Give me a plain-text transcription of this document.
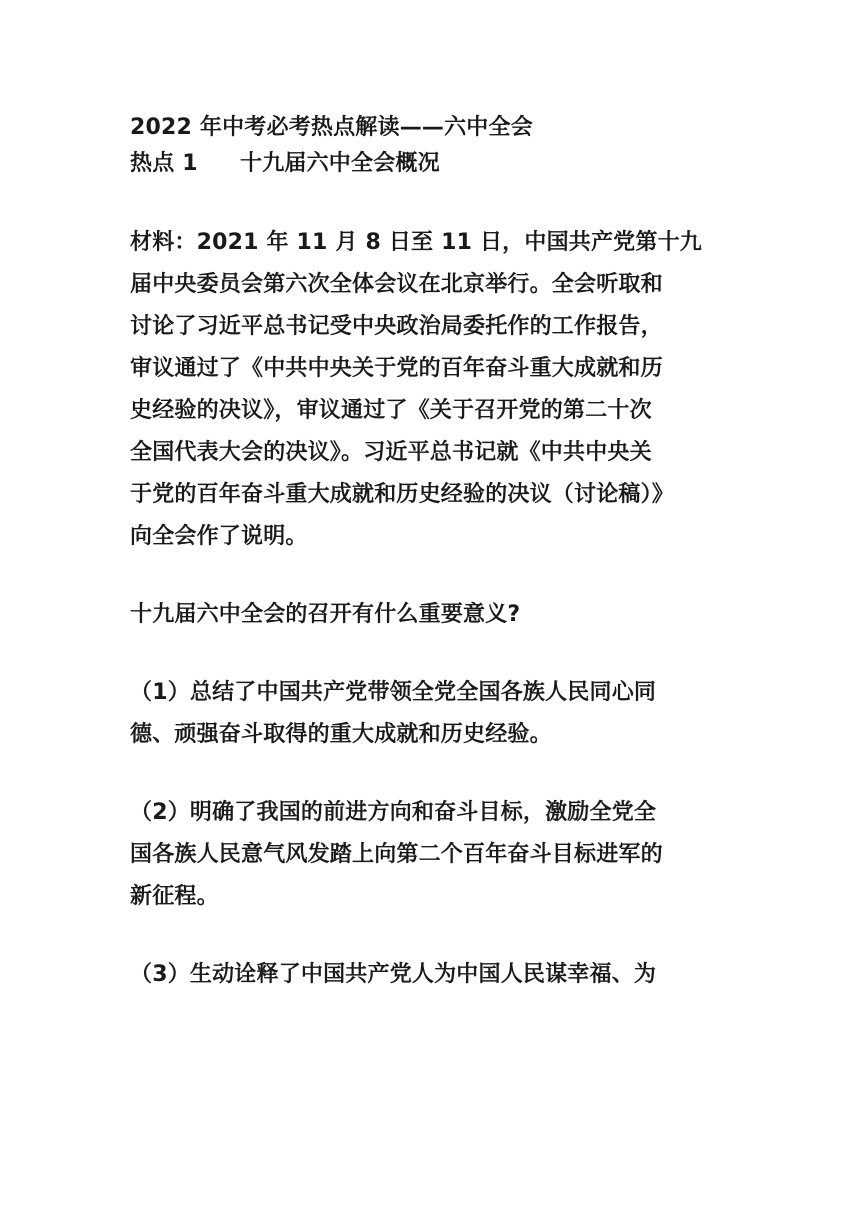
2022 年中考必考热点解读——六中全会
热点 1 十九届六中全会概况
材料：2021 年 11 月 8 日至 11 日，中国共产党第十九
届中央委员会第六次全体会议在北京举行。全会听取和
讨论了习近平总书记受中央政治局委托作的工作报告，
审议通过了《中共中央关于党的百年奋斗重大成就和历
史经验的决议》，审议通过了《关于召开党的第二十次
全国代表大会的决议》。习近平总书记就《中共中央关
于党的百年奋斗重大成就和历史经验的决议（讨论稿）》
向全会作了说明。
十九届六中全会的召开有什么重要意义?
（1）总结了中国共产党带领全党全国各族人民同心同
德、顽强奋斗取得的重大成就和历史经验。
（2）明确了我国的前进方向和奋斗目标，激励全党全
国各族人民意气风发踏上向第二个百年奋斗目标进军的
新征程。
（3）生动诠释了中国共产党人为中国人民谋幸福、为
